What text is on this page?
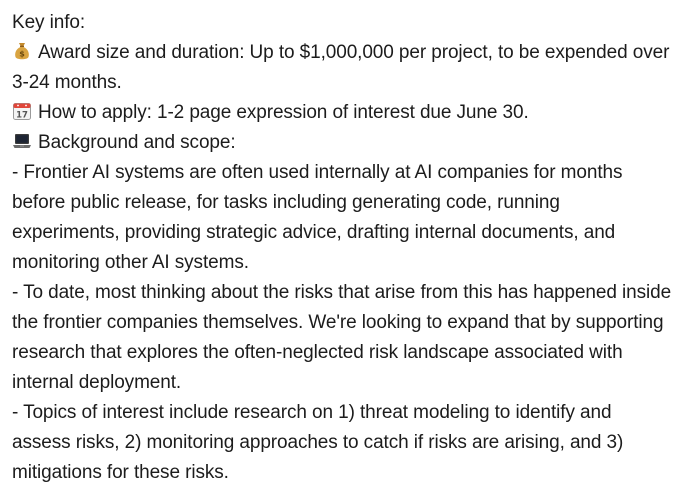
Key info:

$ Award size and duration: Up to $1,000,000 per project, to be expended over 3-24 months.

17 How to apply: 1-2 page expression of interest due June 30.

Background and scope:

- Frontier AI systems are often used internally at AI companies for months before public release, for tasks including generating code, running experiments, providing strategic advice, drafting internal documents, and monitoring other AI systems.

- To date, most thinking about the risks that arise from this has happened inside the frontier companies themselves. We're looking to expand that by supporting research that explores the often-neglected risk landscape associated with internal deployment.

- Topics of interest include research on 1) threat modeling to identify and assess risks, 2) monitoring approaches to catch if risks are arising, and 3) mitigations for these risks.
